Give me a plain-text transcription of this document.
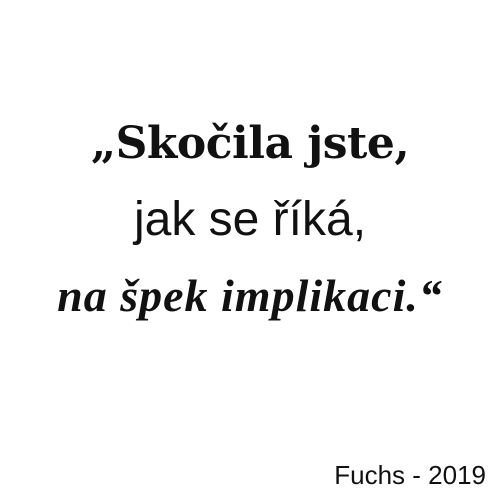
„Skočila jste,
jak se říká,
na špek implikaci.“
Fuchs - 2019
